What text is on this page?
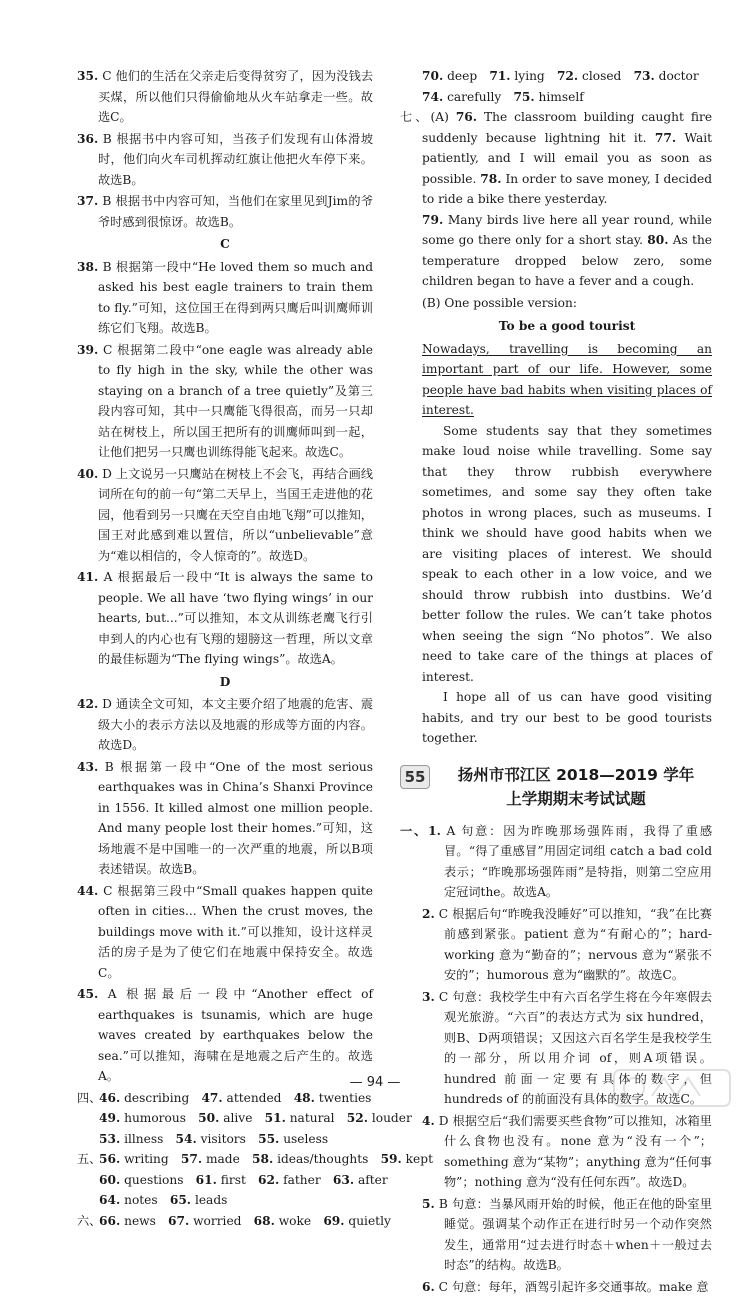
35. C 他们的生活在父亲走后变得贫穷了，因为没钱去买煤，所以他们只得偷偷地从火车站拿走一些。故选C。
36. B 根据书中内容可知，当孩子们发现有山体滑坡时，他们向火车司机挥动红旗让他把火车停下来。故选B。
37. B 根据书中内容可知，当他们在家里见到Jim的爷爷时感到很惊讶。故选B。
C
38. B 根据第一段中“He loved them so much and asked his best eagle trainers to train them to fly.”可知，这位国王在得到两只鹰后叫训鹰师训练它们飞翔。故选B。
39. C 根据第二段中“one eagle was already able to fly high in the sky, while the other was staying on a branch of a tree quietly”及第三段内容可知，其中一只鹰能飞得很高，而另一只却站在树枝上，所以国王把所有的训鹰师叫到一起，让他们把另一只鹰也训练得能飞起来。故选C。
40. D 上文说另一只鹰站在树枝上不会飞，再结合画线词所在句的前一句“第二天早上，当国王走进他的花园，他看到另一只鹰在天空自由地飞翔”可以推知，国王对此感到难以置信，所以“unbelievable”意为“难以相信的，令人惊奇的”。故选D。
41. A 根据最后一段中“It is always the same to people. We all have ‘two flying wings’ in our hearts, but...”可以推知，本文从训练老鹰飞行引申到人的内心也有飞翔的翅膀这一哲理，所以文章的最佳标题为“The flying wings”。故选A。
D
42. D 通读全文可知，本文主要介绍了地震的危害、震级大小的表示方法以及地震的形成等方面的内容。故选D。
43. B 根据第一段中“One of the most serious earthquakes was in China’s Shanxi Province in 1556. It killed almost one million people. And many people lost their homes.”可知，这场地震不是中国唯一的一次严重的地震，所以B项表述错误。故选B。
44. C 根据第三段中“Small quakes happen quite often in cities... When the crust moves, the buildings move with it.”可以推知，设计这样灵活的房子是为了使它们在地震中保持安全。故选C。
45. A 根据最后一段中“Another effect of earthquakes is tsunamis, which are huge waves created by earthquakes below the sea.”可以推知，海啸在是地震之后产生的。故选A。
四、46. describing  47. attended  48. twenties
49. humorous  50. alive  51. natural  52. louder
53. illness  54. visitors  55. useless
五、56. writing  57. made  58. ideas/thoughts  59. kept
60. questions  61. first  62. father  63. after
64. notes  65. leads
六、66. news  67. worried  68. woke  69. quietly
70. deep  71. lying  72. closed  73. doctor
74. carefully  75. himself
七、(A) 76. The classroom building caught fire suddenly because lightning hit it. 77. Wait patiently, and I will email you as soon as possible. 78. In order to save money, I decided to ride a bike there yesterday.
79. Many birds live here all year round, while some go there only for a short stay. 80. As the temperature dropped below zero, some children began to have a fever and a cough.
(B) One possible version:
To be a good tourist
Nowadays, travelling is becoming an important part of our life. However, some people have bad habits when visiting places of interest.
Some students say that they sometimes make loud noise while travelling. Some say that they throw rubbish everywhere sometimes, and some say they often take photos in wrong places, such as museums. I think we should have good habits when we are visiting places of interest. We should speak to each other in a low voice, and we should throw rubbish into dustbins. We’d better follow the rules. We can’t take photos when seeing the sign “No photos”. We also need to take care of the things at places of interest.
I hope all of us can have good visiting habits, and try our best to be good tourists together.
55	扬州市邗江区 2018—2019 学年
上学期期末考试试题
一、1. A 句意：因为昨晚那场强阵雨，我得了重感冒。“得了重感冒”用固定词组 catch a bad cold 表示；“昨晚那场强阵雨”是特指，则第二空应用定冠词the。故选A。
2. C 根据后句“昨晚我没睡好”可以推知，“我”在比赛前感到紧张。patient 意为“有耐心的”；hard-working 意为“勤奋的”；nervous 意为“紧张不安的”；humorous 意为“幽默的”。故选C。
3. C 句意：我校学生中有六百名学生将在今年寒假去观光旅游。“六百”的表达方式为 six hundred，则B、D两项错误；又因这六百名学生是我校学生的一部分，所以用介词 of，则A项错误。hundred 前面一定要有具体的数字，但 hundreds of 的前面没有具体的数字。故选C。
4. D 根据空后“我们需要买些食物”可以推知，冰箱里什么食物也没有。none 意为“没有一个”；something 意为“某物”；anything 意为“任何事物”；nothing 意为“没有任何东西”。故选D。
5. B 句意：当暴风雨开始的时候，他正在他的卧室里睡觉。强调某个动作正在进行时另一个动作突然发生，通常用“过去进行时态＋when＋一般过去时态”的结构。故选B。
6. C 句意：每年，酒驾引起许多交通事故。make 意
— 94 —
